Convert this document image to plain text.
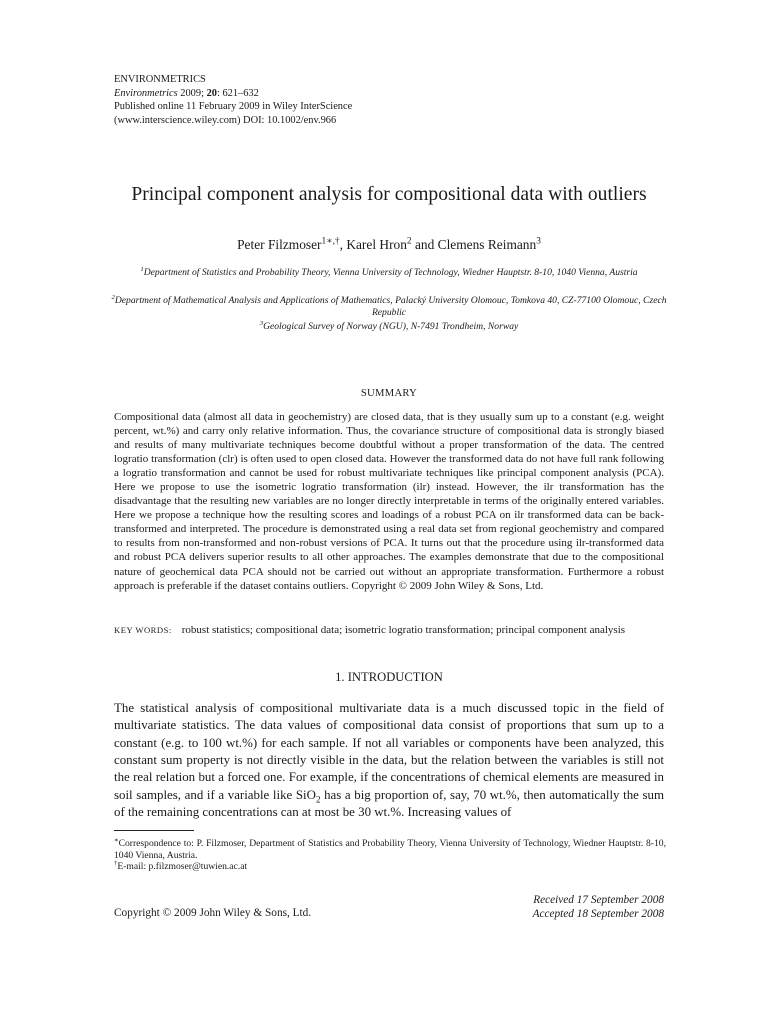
ENVIRONMETRICS
Environmetrics 2009; 20: 621–632
Published online 11 February 2009 in Wiley InterScience
(www.interscience.wiley.com) DOI: 10.1002/env.966
Principal component analysis for compositional data with outliers
Peter Filzmoser$^{1∗,\dagger}$, Karel Hron$^2$ and Clemens Reimann$^3$
$^1$Department of Statistics and Probability Theory, Vienna University of Technology, Wiedner Hauptstr. 8-10, 1040 Vienna, Austria
$^2$Department of Mathematical Analysis and Applications of Mathematics, Palacký University Olomouc, Tomkova 40, CZ-77100 Olomouc, Czech Republic
$^3$Geological Survey of Norway (NGU), N-7491 Trondheim, Norway
SUMMARY
Compositional data (almost all data in geochemistry) are closed data, that is they usually sum up to a constant (e.g. weight percent, wt.%) and carry only relative information. Thus, the covariance structure of compositional data is strongly biased and results of many multivariate techniques become doubtful without a proper transformation of the data. The centred logratio transformation (clr) is often used to open closed data. However the transformed data do not have full rank following a logratio transformation and cannot be used for robust multivariate techniques like principal component analysis (PCA). Here we propose to use the isometric logratio transformation (ilr) instead. However, the ilr transformation has the disadvantage that the resulting new variables are no longer directly interpretable in terms of the originally entered variables. Here we propose a technique how the resulting scores and loadings of a robust PCA on ilr transformed data can be back-transformed and interpreted. The procedure is demonstrated using a real data set from regional geochemistry and compared to results from non-transformed and non-robust versions of PCA. It turns out that the procedure using ilr-transformed data and robust PCA delivers superior results to all other approaches. The examples demonstrate that due to the compositional nature of geochemical data PCA should not be carried out without an appropriate transformation. Furthermore a robust approach is preferable if the dataset contains outliers. Copyright © 2009 John Wiley & Sons, Ltd.
KEY WORDS: robust statistics; compositional data; isometric logratio transformation; principal component analysis
1. INTRODUCTION
The statistical analysis of compositional multivariate data is a much discussed topic in the field of multivariate statistics. The data values of compositional data consist of proportions that sum up to a constant (e.g. to 100 wt.%) for each sample. If not all variables or components have been analyzed, this constant sum property is not directly visible in the data, but the relation between the variables is still not the real relation but a forced one. For example, if the concentrations of chemical elements are measured in soil samples, and if a variable like SiO$_2$ has a big proportion of, say, 70 wt.%, then automatically the sum of the remaining concentrations can at most be 30 wt.%. Increasing values of
∗Correspondence to: P. Filzmoser, Department of Statistics and Probability Theory, Vienna University of Technology, Wiedner Hauptstr. 8-10, 1040 Vienna, Austria.
†E-mail: p.filzmoser@tuwien.ac.at
Received 17 September 2008
Accepted 18 September 2008
Copyright © 2009 John Wiley & Sons, Ltd.
